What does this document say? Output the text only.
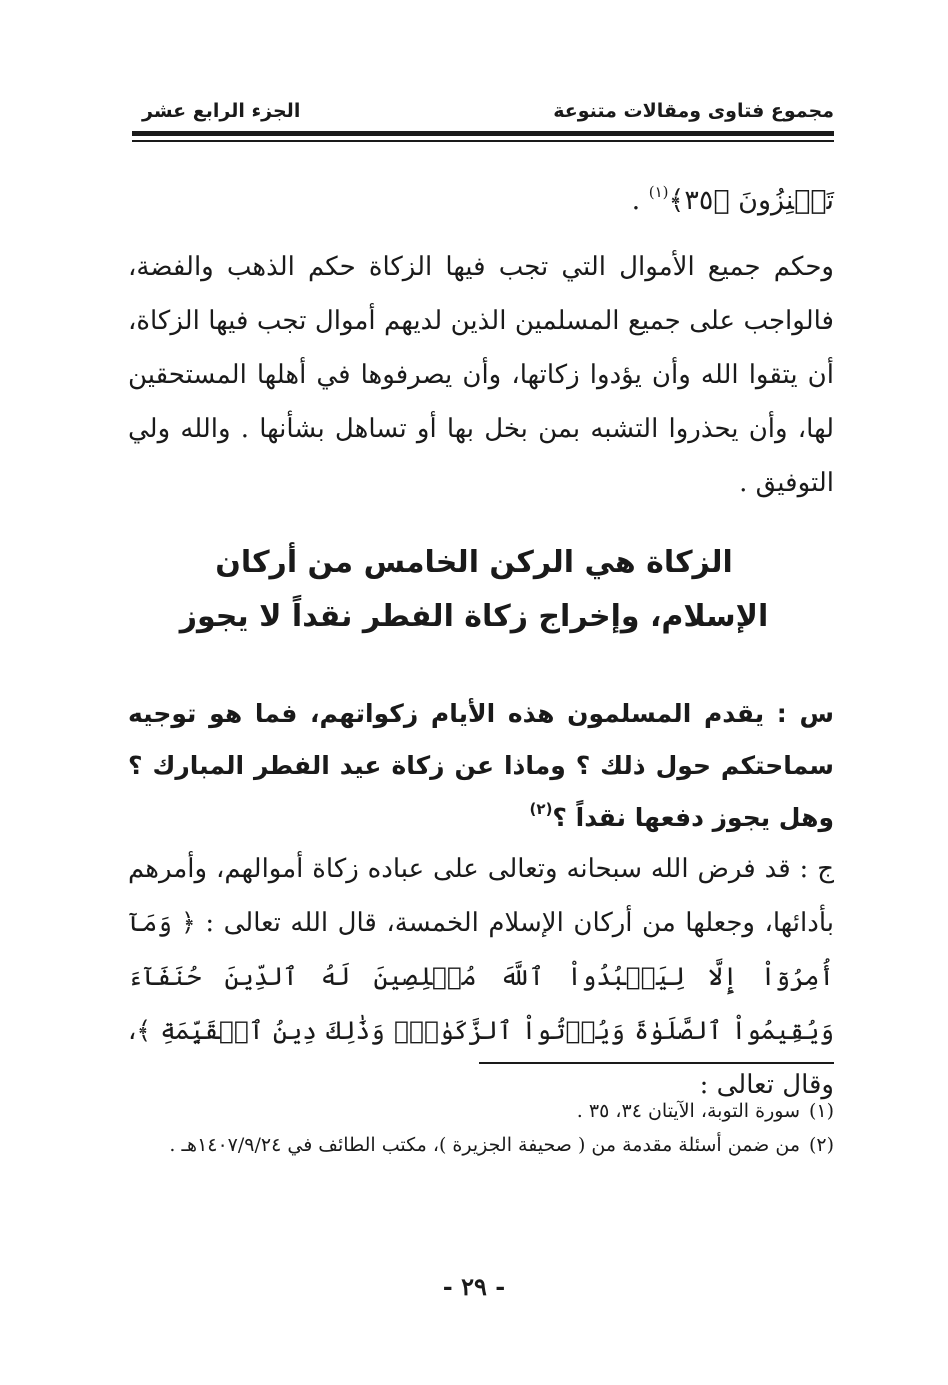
مجموع فتاوى ومقالات متنوعة
الجزء الرابع عشر
تَكۡنِزُونَ ﴿٣٥﴾$^{(١)}$ .

وحكم جميع الأموال التي تجب فيها الزكاة حكم الذهب والفضة، فالواجب على جميع المسلمين الذين لديهم أموال تجب فيها الزكاة، أن يتقوا الله وأن يؤدوا زكاتها، وأن يصرفوها في أهلها المستحقين لها، وأن يحذروا التشبه بمن بخل بها أو تساهل بشأنها . والله ولي التوفيق .

الزكاة هي الركن الخامس من أركان
الإسلام، وإخراج زكاة الفطر نقداً لا يجوز
س : يقدم المسلمون هذه الأيام زكواتهم، فما هو توجيه سماحتكم حول ذلك ؟ وماذا عن زكاة عيد الفطر المبارك ؟ وهل يجوز دفعها نقداً ؟$^{(٢)}$
ج : قد فرض الله سبحانه وتعالى على عباده زكاة أموالهم، وأمرهم بأدائها، وجعلها من أركان الإسلام الخمسة، قال الله تعالى : ﴿ وَمَآ أُمِرُوٓاْ إِلَّا لِيَعۡبُدُواْ ٱللَّهَ مُخۡلِصِينَ لَهُ ٱلدِّينَ حُنَفَآءَ وَيُقِيمُواْ ٱلصَّلَوٰةَ وَيُؤۡتُواْ ٱلزَّكَوٰةَۚ وَذَٰلِكَ دِينُ ٱلۡقَيِّمَةِ ﴾، وقال تعالى :
(١)
سورة التوبة، الآيتان ٣٤، ٣٥ .
(٢)
من ضمن أسئلة مقدمة من ( صحيفة الجزيرة )، مكتب الطائف في ١٤٠٧/٩/٢٤هـ .
- ٢٩ -
